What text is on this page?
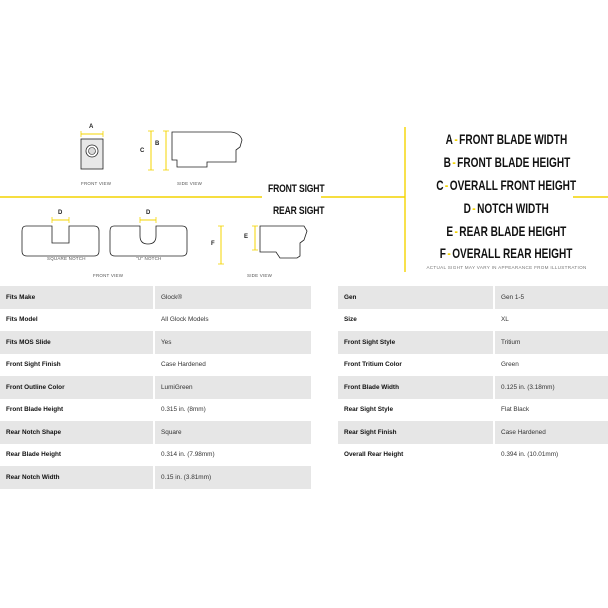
A
B
C
D	D
E
F
FRONT VIEW	SIDE VIEW
SQUARE NOTCH	"U" NOTCH
FRONT VIEW	SIDE VIEW
FRONT SIGHT
REAR SIGHT
A-FRONT BLADE WIDTH
B-FRONT BLADE HEIGHT
C-OVERALL FRONT HEIGHT
D-NOTCH WIDTH
E-REAR BLADE HEIGHT
F-OVERALL REAR HEIGHT
ACTUAL SIGHT MAY VARY IN APPEARANCE FROM ILLUSTRATION
Fits Make	Glock®
Fits Model	All Glock Models
Fits MOS Slide	Yes
Front Sight Finish	Case Hardened
Front Outline Color	LumiGreen
Front Blade Height	0.315 in. (8mm)
Rear Notch Shape	Square
Rear Blade Height	0.314 in. (7.98mm)
Rear Notch Width	0.15 in. (3.81mm)
Gen	Gen 1-5
Size	XL
Front Sight Style	Tritium
Front Tritium Color	Green
Front Blade Width	0.125 in. (3.18mm)
Rear Sight Style	Flat Black
Rear Sight Finish	Case Hardened
Overall Rear Height	0.394 in. (10.01mm)
